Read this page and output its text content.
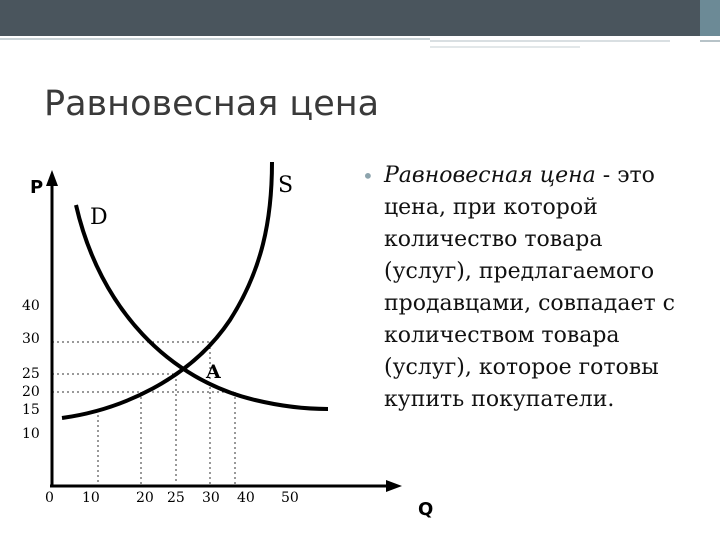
Равновесная цена
P
Q
S
D
A
40
30
25
20
15
10
0 10	20 25 30 40 50
• Равновесная цена - это цена, при которой количество товара (услуг), предлагаемого продавцами, совпадает с количеством товара (услуг), которое готовы купить покупатели.
